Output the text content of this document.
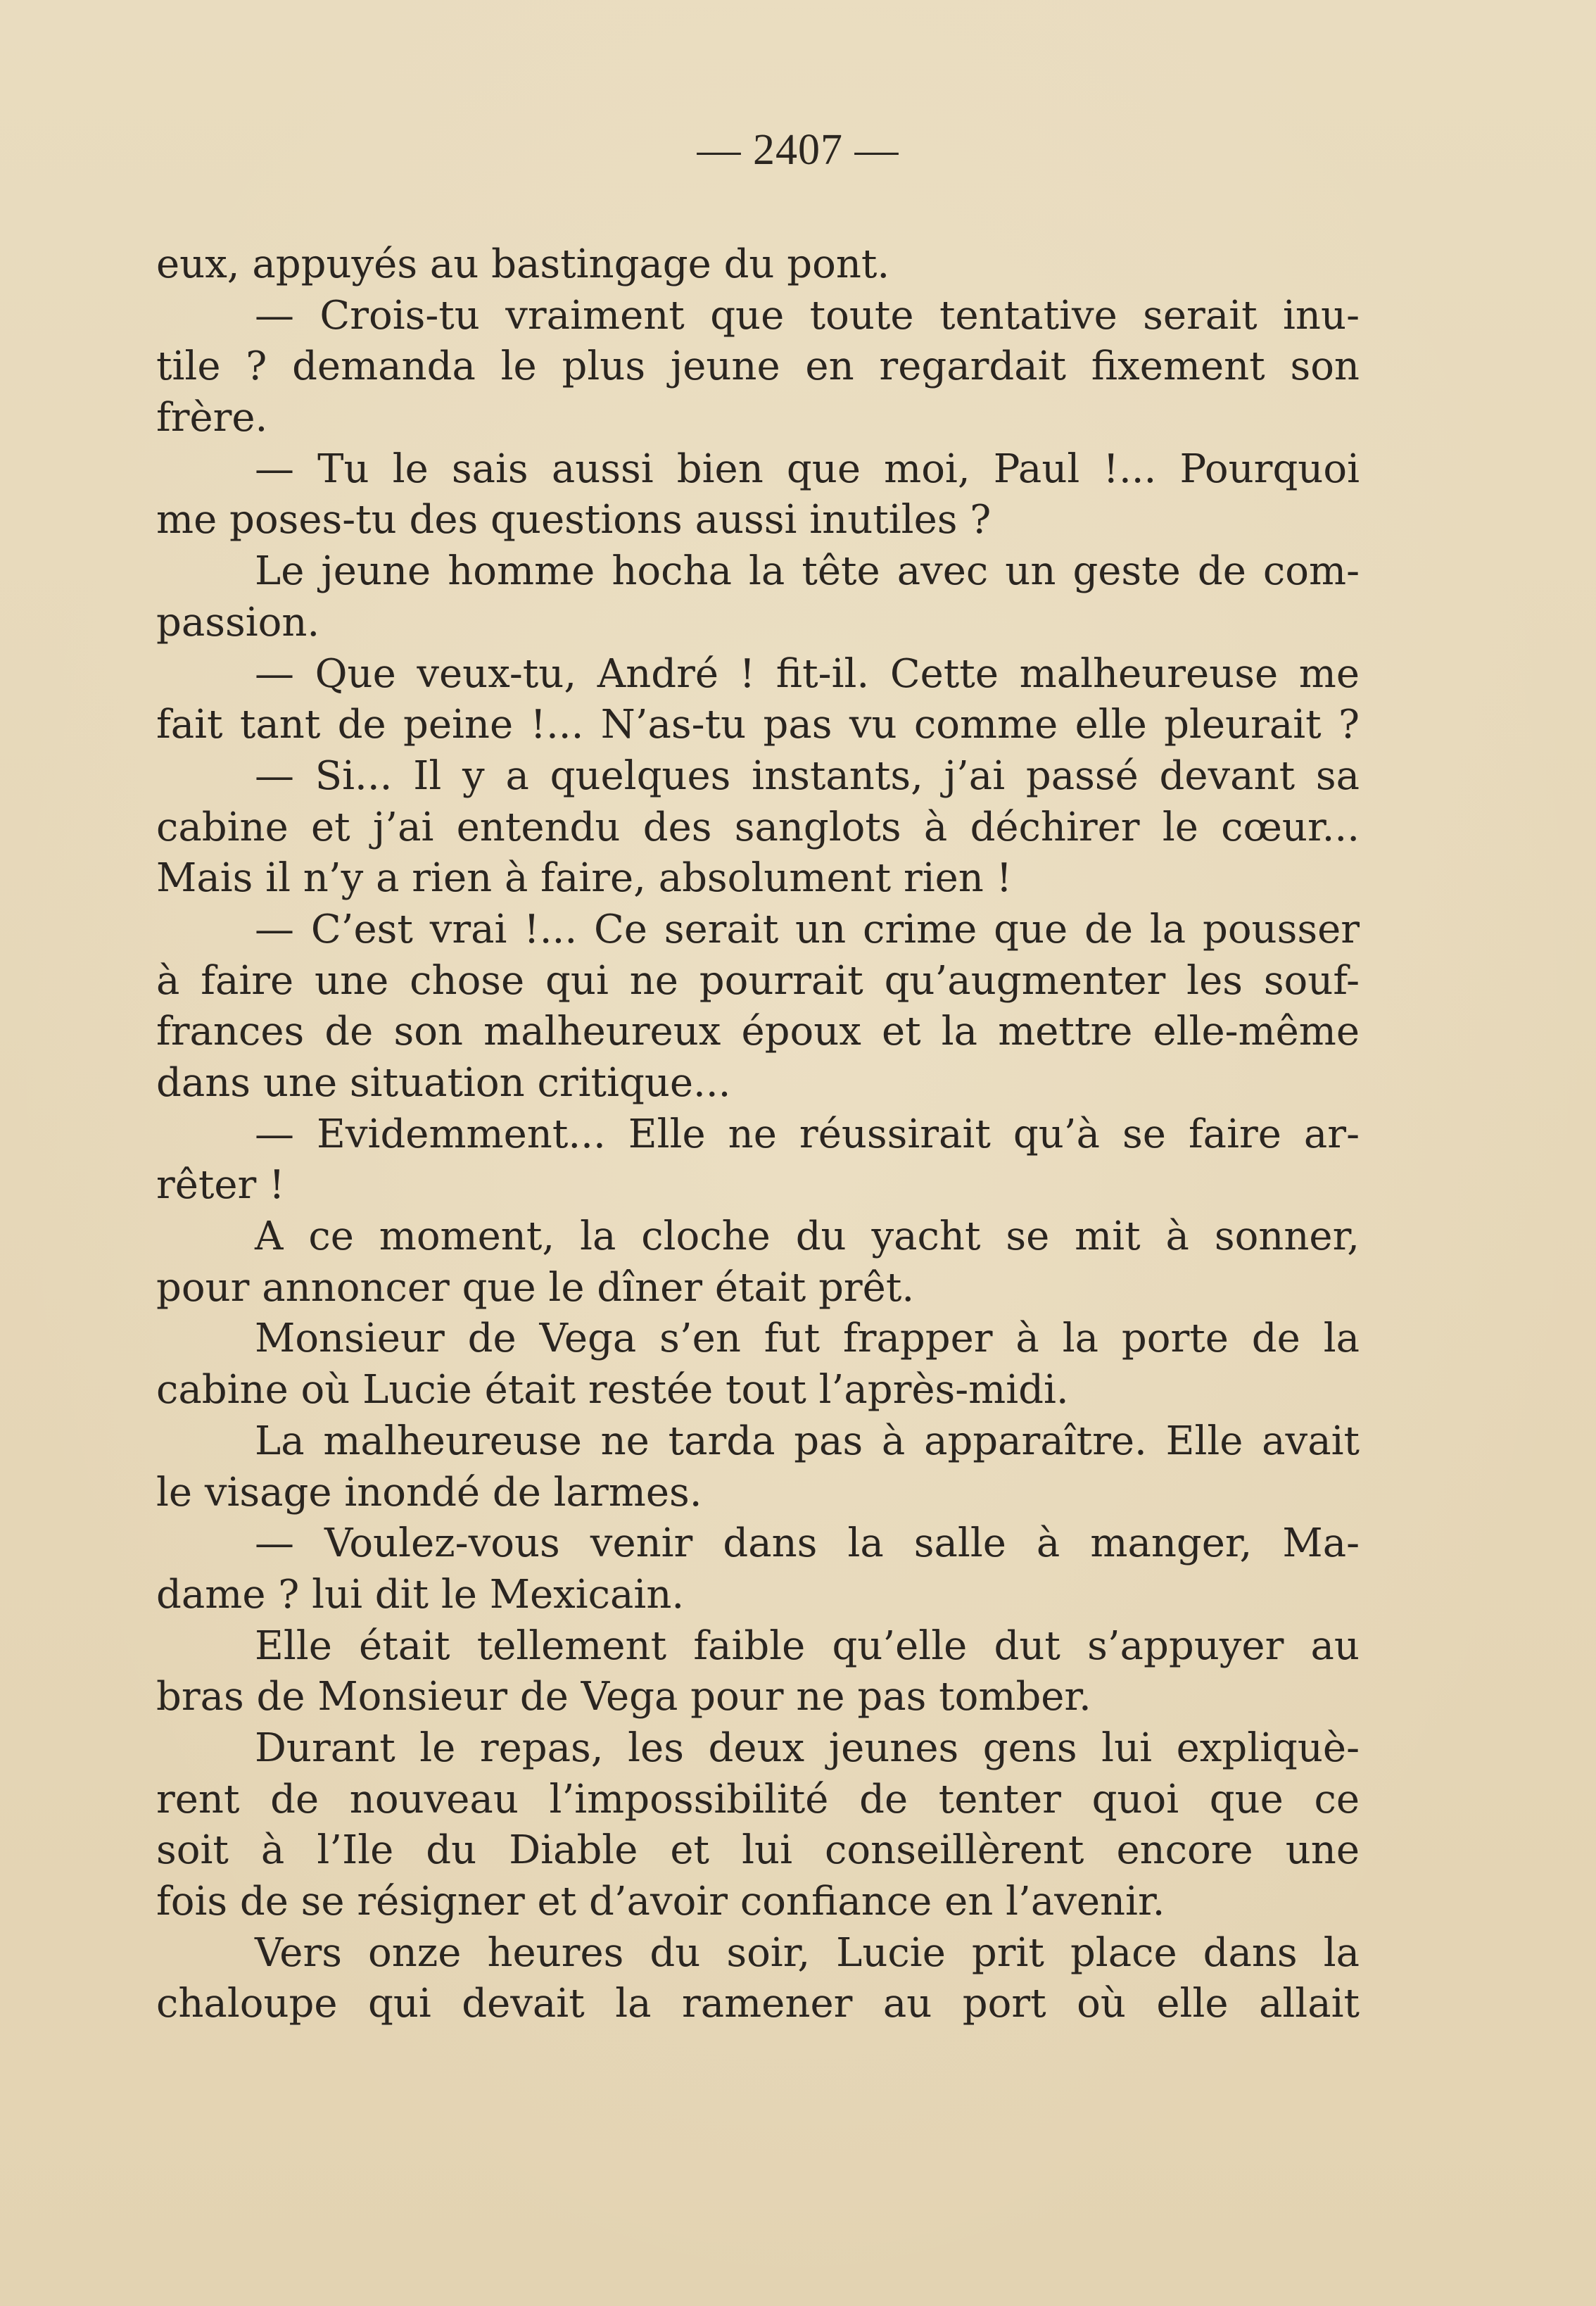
— 2407 —
eux, appuyés au bastingage du pont.
— Crois-tu vraiment que toute tentative serait inu-
tile ? demanda le plus jeune en regardait fixement son
frère.
— Tu le sais aussi bien que moi, Paul !... Pourquoi
me poses-tu des questions aussi inutiles ?
Le jeune homme hocha la tête avec un geste de com-
passion.
— Que veux-tu, André ! fit-il. Cette malheureuse me
fait tant de peine !... N’as-tu pas vu comme elle pleurait ?
— Si... Il y a quelques instants, j’ai passé devant sa
cabine et j’ai entendu des sanglots à déchirer le cœur...
Mais il n’y a rien à faire, absolument rien !
— C’est vrai !... Ce serait un crime que de la pousser
à faire une chose qui ne pourrait qu’augmenter les souf-
frances de son malheureux époux et la mettre elle-même
dans une situation critique...
— Evidemment... Elle ne réussirait qu’à se faire ar-
rêter !
A ce moment, la cloche du yacht se mit à sonner,
pour annoncer que le dîner était prêt.
Monsieur de Vega s’en fut frapper à la porte de la
cabine où Lucie était restée tout l’après-midi.
La malheureuse ne tarda pas à apparaître. Elle avait
le visage inondé de larmes.
— Voulez-vous venir dans la salle à manger, Ma-
dame ? lui dit le Mexicain.
Elle était tellement faible qu’elle dut s’appuyer au
bras de Monsieur de Vega pour ne pas tomber.
Durant le repas, les deux jeunes gens lui expliquè-
rent de nouveau l’impossibilité de tenter quoi que ce
soit à l’Ile du Diable et lui conseillèrent encore une
fois de se résigner et d’avoir confiance en l’avenir.
Vers onze heures du soir, Lucie prit place dans la
chaloupe qui devait la ramener au port où elle allait
